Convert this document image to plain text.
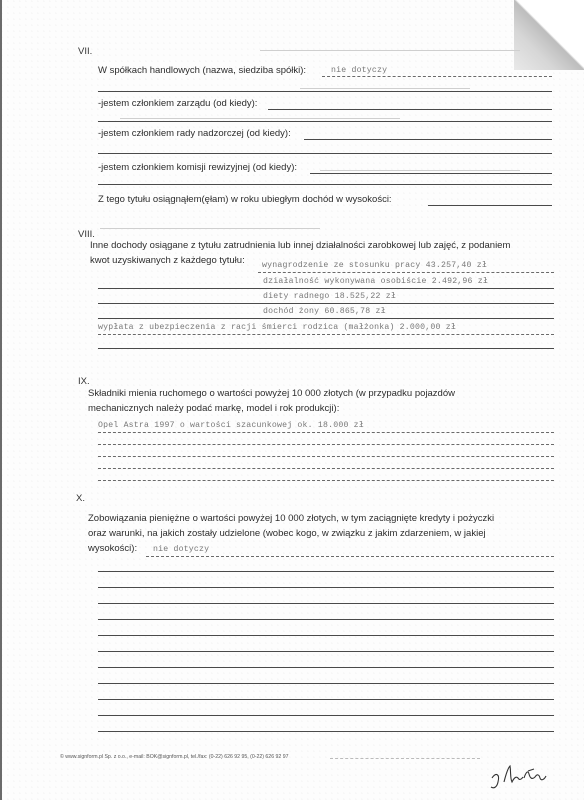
VII.
W spółkach handlowych (nazwa, siedziba spółki):	nie dotyczy
-jestem członkiem zarządu (od kiedy):
-jestem członkiem rady nadzorczej (od kiedy):
-jestem członkiem komisji rewizyjnej (od kiedy):
Z tego tytułu osiągnąłem(ęłam) w roku ubiegłym dochód w wysokości:
VIII.
Inne dochody osiągane z tytułu zatrudnienia lub innej działalności zarobkowej lub zajęć, z podaniem
kwot uzyskiwanych z każdego tytułu:	wynagrodzenie ze stosunku pracy 43.257,40 zł
działalność wykonywana osobiście 2.492,96 zł
diety radnego 18.525,22 zł
dochód żony 60.865,78 zł
wypłata z ubezpieczenia z racji śmierci rodzica (małżonka) 2.000,00 zł
IX.
Składniki mienia ruchomego o wartości powyżej 10 000 złotych (w przypadku pojazdów
mechanicznych należy podać markę, model i rok produkcji):
Opel Astra 1997 o wartości szacunkowej ok. 18.000 zł
X.
Zobowiązania pieniężne o wartości powyżej 10 000 złotych, w tym zaciągnięte kredyty i pożyczki
oraz warunki, na jakich zostały udzielone (wobec kogo, w związku z jakim zdarzeniem, w jakiej
wysokości):	nie dotyczy
© www.signform.pl Sp. z o.o., e-mail: BOK@signform.pl, tel./fax: (0-22) 626 92 95, (0-22) 626 92 97
